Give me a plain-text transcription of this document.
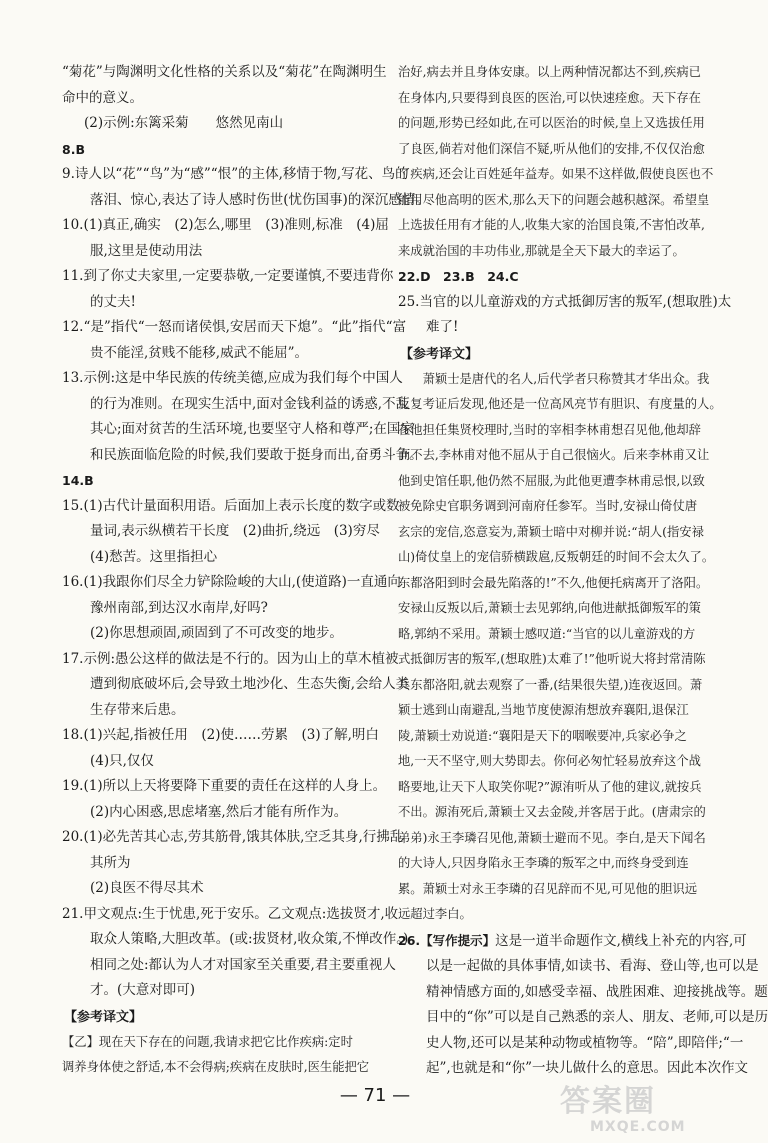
“菊花”与陶渊明文化性格的关系以及“菊花”在陶渊明生
命中的意义。
(2)示例:东篱采菊　　悠然见南山
8.B
9.诗人以“花”“鸟”为“感”“恨”的主体,移情于物,写花、鸟的
落泪、惊心,表达了诗人感时伤世(忧伤国事)的深沉感情。
10.(1)真正,确实　(2)怎么,哪里　(3)准则,标准　(4)屈
服,这里是使动用法
11.到了你丈夫家里,一定要恭敬,一定要谨慎,不要违背你
的丈夫!
12.“是”指代“一怒而诸侯惧,安居而天下熄”。“此”指代“富
贵不能淫,贫贱不能移,威武不能屈”。
13.示例:这是中华民族的传统美德,应成为我们每个中国人
的行为准则。在现实生活中,面对金钱利益的诱惑,不乱
其心;面对贫苦的生活环境,也要坚守人格和尊严;在国家
和民族面临危险的时候,我们要敢于挺身而出,奋勇斗争。
14.B
15.(1)古代计量面积用语。后面加上表示长度的数字或数
量词,表示纵横若干长度　(2)曲折,绕远　(3)穷尽
(4)愁苦。这里指担心
16.(1)我跟你们尽全力铲除险峻的大山,(使道路)一直通向
豫州南部,到达汉水南岸,好吗?
(2)你思想顽固,顽固到了不可改变的地步。
17.示例:愚公这样的做法是不行的。因为山上的草木植被
遭到彻底破坏后,会导致土地沙化、生态失衡,会给人类
生存带来后患。
18.(1)兴起,指被任用　(2)使……劳累　(3)了解,明白
(4)只,仅仅
19.(1)所以上天将要降下重要的责任在这样的人身上。
(2)内心困惑,思虑堵塞,然后才能有所作为。
20.(1)必先苦其心志,劳其筋骨,饿其体肤,空乏其身,行拂乱
其所为
(2)良医不得尽其术
21.甲文观点:生于忧患,死于安乐。乙文观点:选拔贤才,收
取众人策略,大胆改革。(或:拔贤材,收众策,不惮改作。)
相同之处:都认为人才对国家至关重要,君主要重视人
才。(大意对即可)
【参考译文】
【乙】现在天下存在的问题,我请求把它比作疾病:定时
调养身体使之舒适,本不会得病;疾病在皮肤时,医生能把它
治好,病去并且身体安康。以上两种情况都达不到,疾病已
在身体内,只要得到良医的医治,可以快速痊愈。天下存在
的问题,形势已经如此,在可以医治的时候,皇上又选拔任用
了良医,倘若对他们深信不疑,听从他们的安排,不仅仅治愈
了疾病,还会让百姓延年益寿。如果不这样做,假使良医也不
能用尽他高明的医术,那么天下的问题会越积越深。希望皇
上选拔任用有才能的人,收集大家的治国良策,不害怕改革,
来成就治国的丰功伟业,那就是全天下最大的幸运了。
22.D　23.B　24.C
25.当官的以儿童游戏的方式抵御厉害的叛军,(想取胜)太
难了!
【参考译文】
　　萧颖士是唐代的名人,后代学者只称赞其才华出众。我
反复考证后发现,他还是一位高风亮节有胆识、有度量的人。
在他担任集贤校理时,当时的宰相李林甫想召见他,他却辞
而不去,李林甫对他不屈从于自己很恼火。后来李林甫又让
他到史馆任职,他仍然不屈服,为此他更遭李林甫忌恨,以致
被免除史官职务调到河南府任参军。当时,安禄山倚仗唐
玄宗的宠信,恣意妄为,萧颖士暗中对柳并说:“胡人(指安禄
山)倚仗皇上的宠信骄横跋扈,反叛朝廷的时间不会太久了。
东都洛阳到时会最先陷落的!”不久,他便托病离开了洛阳。
安禄山反叛以后,萧颖士去见郭纳,向他进献抵御叛军的策
略,郭纳不采用。萧颖士感叹道:“当官的以儿童游戏的方
式抵御厉害的叛军,(想取胜)太难了!”他听说大将封常清陈
兵东都洛阳,就去观察了一番,(结果很失望,)连夜返回。萧
颖士逃到山南避乱,当地节度使源洧想放弃襄阳,退保江
陵,萧颖士劝说道:“襄阳是天下的咽喉要冲,兵家必争之
地,一天不坚守,则大势即去。你何必匆忙轻易放弃这个战
略要地,让天下人取笑你呢?”源洧听从了他的建议,就按兵
不出。源洧死后,萧颖士又去金陵,并客居于此。(唐肃宗的
弟弟)永王李璘召见他,萧颖士避而不见。李白,是天下闻名
的大诗人,只因身陷永王李璘的叛军之中,而终身受到连
累。萧颖士对永王李璘的召见辞而不见,可见他的胆识远
远超过李白。
26.【写作提示】这是一道半命题作文,横线上补充的内容,可
以是一起做的具体事情,如读书、看海、登山等,也可以是
精神情感方面的,如感受幸福、战胜困难、迎接挑战等。题
目中的“你”可以是自己熟悉的亲人、朋友、老师,可以是历
史人物,还可以是某种动物或植物等。“陪”,即陪伴;“一
起”,也就是和“你”一块儿做什么的意思。因此本次作文
— 71 —	答案圈
MXQE.COM
